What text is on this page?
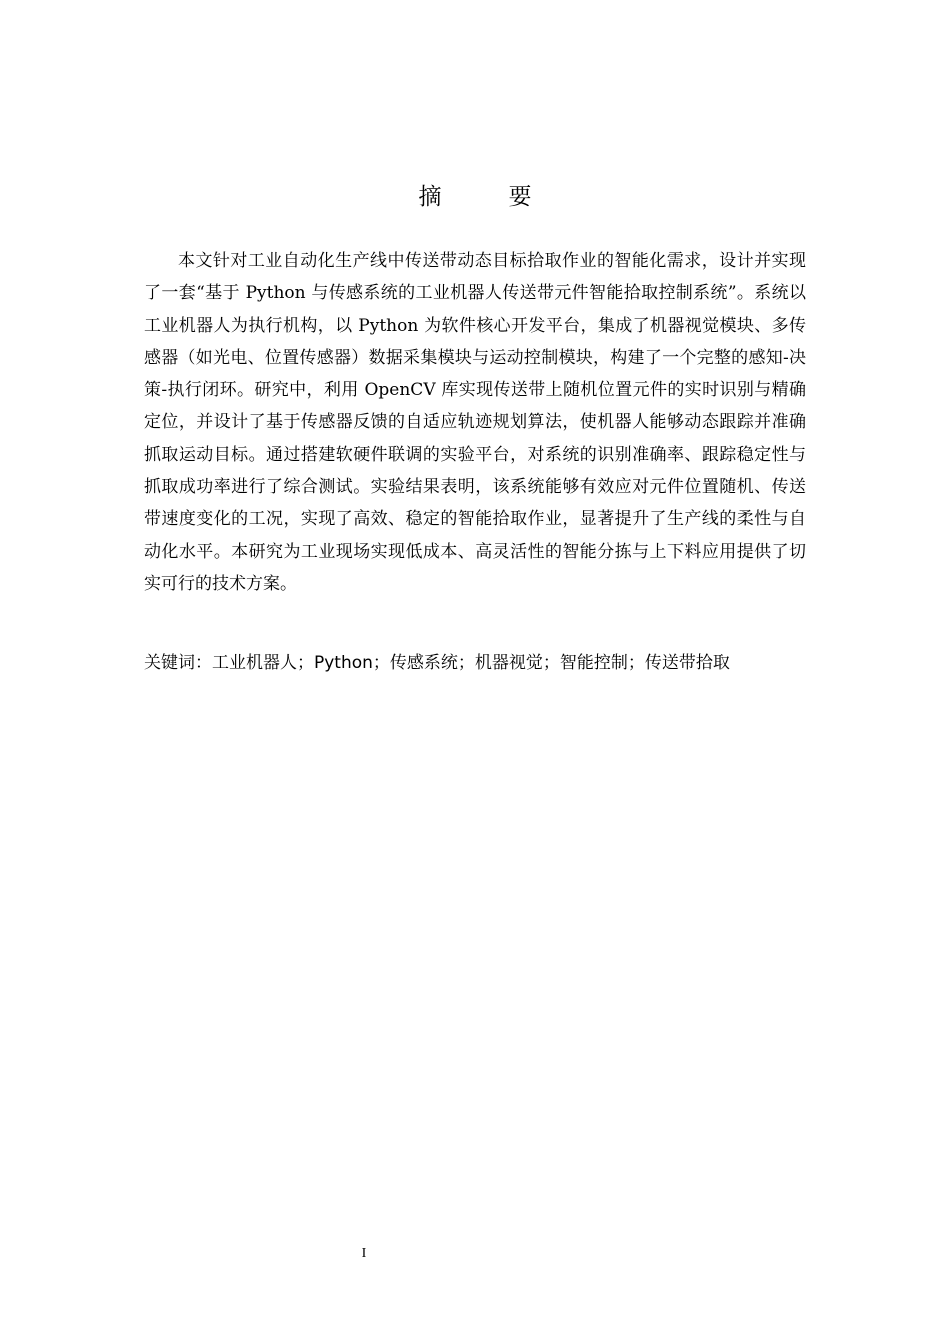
摘　要

本文针对工业自动化生产线中传送带动态目标拾取作业的智能化需求，设计并实现了一套“基于 Python 与传感系统的工业机器人传送带元件智能拾取控制系统”。系统以工业机器人为执行机构，以 Python 为软件核心开发平台，集成了机器视觉模块、多传感器（如光电、位置传感器）数据采集模块与运动控制模块，构建了一个完整的感知-决策-执行闭环。研究中，利用 OpenCV 库实现传送带上随机位置元件的实时识别与精确定位，并设计了基于传感器反馈的自适应轨迹规划算法，使机器人能够动态跟踪并准确抓取运动目标。通过搭建软硬件联调的实验平台，对系统的识别准确率、跟踪稳定性与抓取成功率进行了综合测试。实验结果表明，该系统能够有效应对元件位置随机、传送带速度变化的工况，实现了高效、稳定的智能拾取作业，显著提升了生产线的柔性与自动化水平。本研究为工业现场实现低成本、高灵活性的智能分拣与上下料应用提供了切实可行的技术方案。

关键词：工业机器人；Python；传感系统；机器视觉；智能控制；传送带拾取

I
